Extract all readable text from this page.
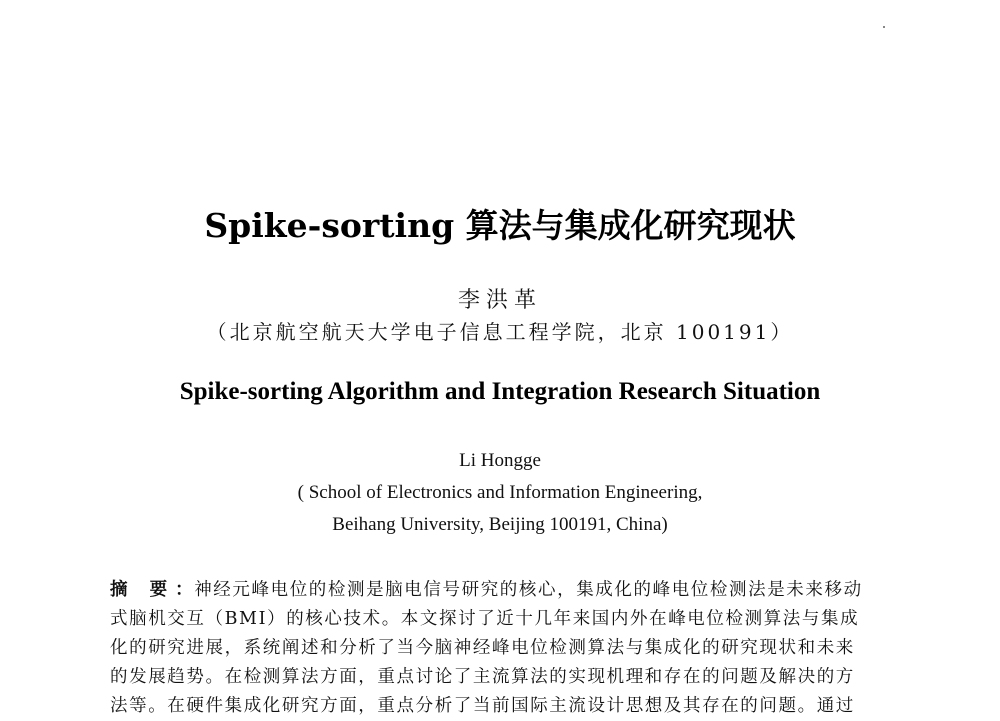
Spike-sorting 算法与集成化研究现状
李洪革
（北京航空航天大学电子信息工程学院，北京 100191）
Spike-sorting Algorithm and Integration Research Situation
Li Hongge
( School of Electronics and Information Engineering,
Beihang University, Beijing 100191, China)
摘 要：神经元峰电位的检测是脑电信号研究的核心，集成化的峰电位检测法是未来移动
式脑机交互（BMI）的核心技术。本文探讨了近十几年来国内外在峰电位检测算法与集成
化的研究进展，系统阐述和分析了当今脑神经峰电位检测算法与集成化的研究现状和未来
的发展趋势。在检测算法方面，重点讨论了主流算法的实现机理和存在的问题及解决的方
法等。在硬件集成化研究方面，重点分析了当前国际主流设计思想及其存在的问题。通过
